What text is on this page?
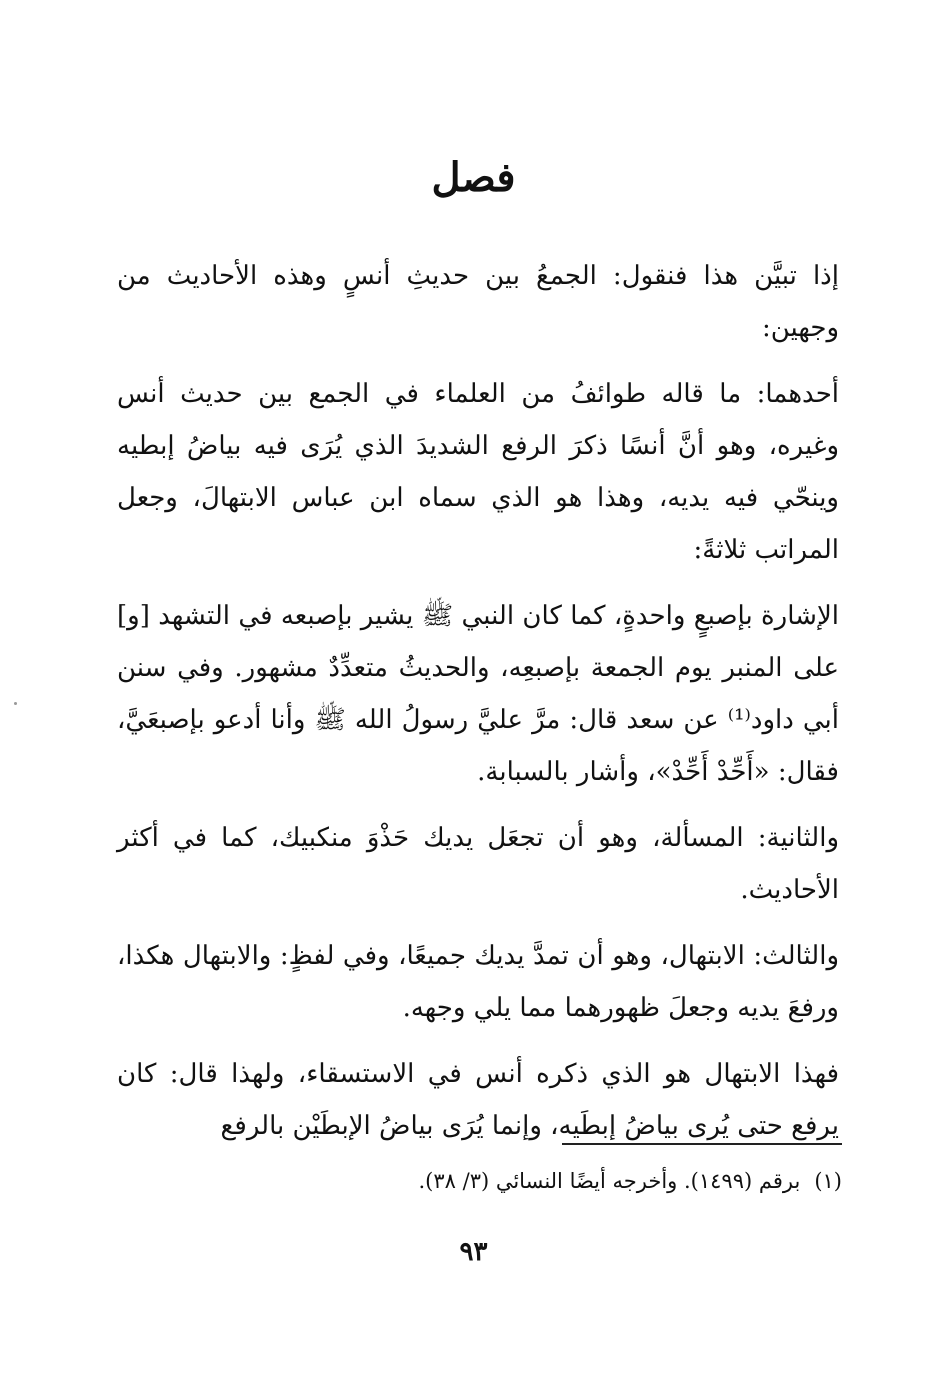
فصل

إذا تبيَّن هذا فنقول: الجمعُ بين حديثِ أنسٍ وهذه الأحاديث من وجهين:

أحدهما: ما قاله طوائفُ من العلماء في الجمع بين حديث أنس وغيره، وهو أنَّ أنسًا ذكرَ الرفع الشديدَ الذي يُرَى فيه بياضُ إبطيه وينحّي فيه يديه، وهذا هو الذي سماه ابن عباس الابتهالَ، وجعل المراتب ثلاثةً:

الإشارة بإصبعٍ واحدةٍ، كما كان النبي ﷺ يشير بإصبعه في التشهد [و] على المنبر يوم الجمعة بإصبعِه، والحديثُ متعدِّدٌ مشهور. وفي سنن أبي داود⁽¹⁾ عن سعد قال: مرَّ عليَّ رسولُ الله ﷺ وأنا أدعو بإصبعَيَّ، فقال: «أَحِّدْ أَحِّدْ»، وأشار بالسبابة.

والثانية: المسألة، وهو أن تجعَل يديك حَذْوَ منكبيك، كما في أكثر الأحاديث.

والثالث: الابتهال، وهو أن تمدَّ يديك جميعًا، وفي لفظٍ: والابتهال هكذا، ورفعَ يديه وجعلَ ظهورهما مما يلي وجهه.

فهذا الابتهال هو الذي ذكره أنس في الاستسقاء، ولهذا قال: كان يرفع حتى يُرى بياضُ إبطَيه، وإنما يُرَى بياضُ الإبطَيْن بالرفع

(١)برقم (١٤٩٩). وأخرجه أيضًا النسائي (٣/ ٣٨).
٩٣
